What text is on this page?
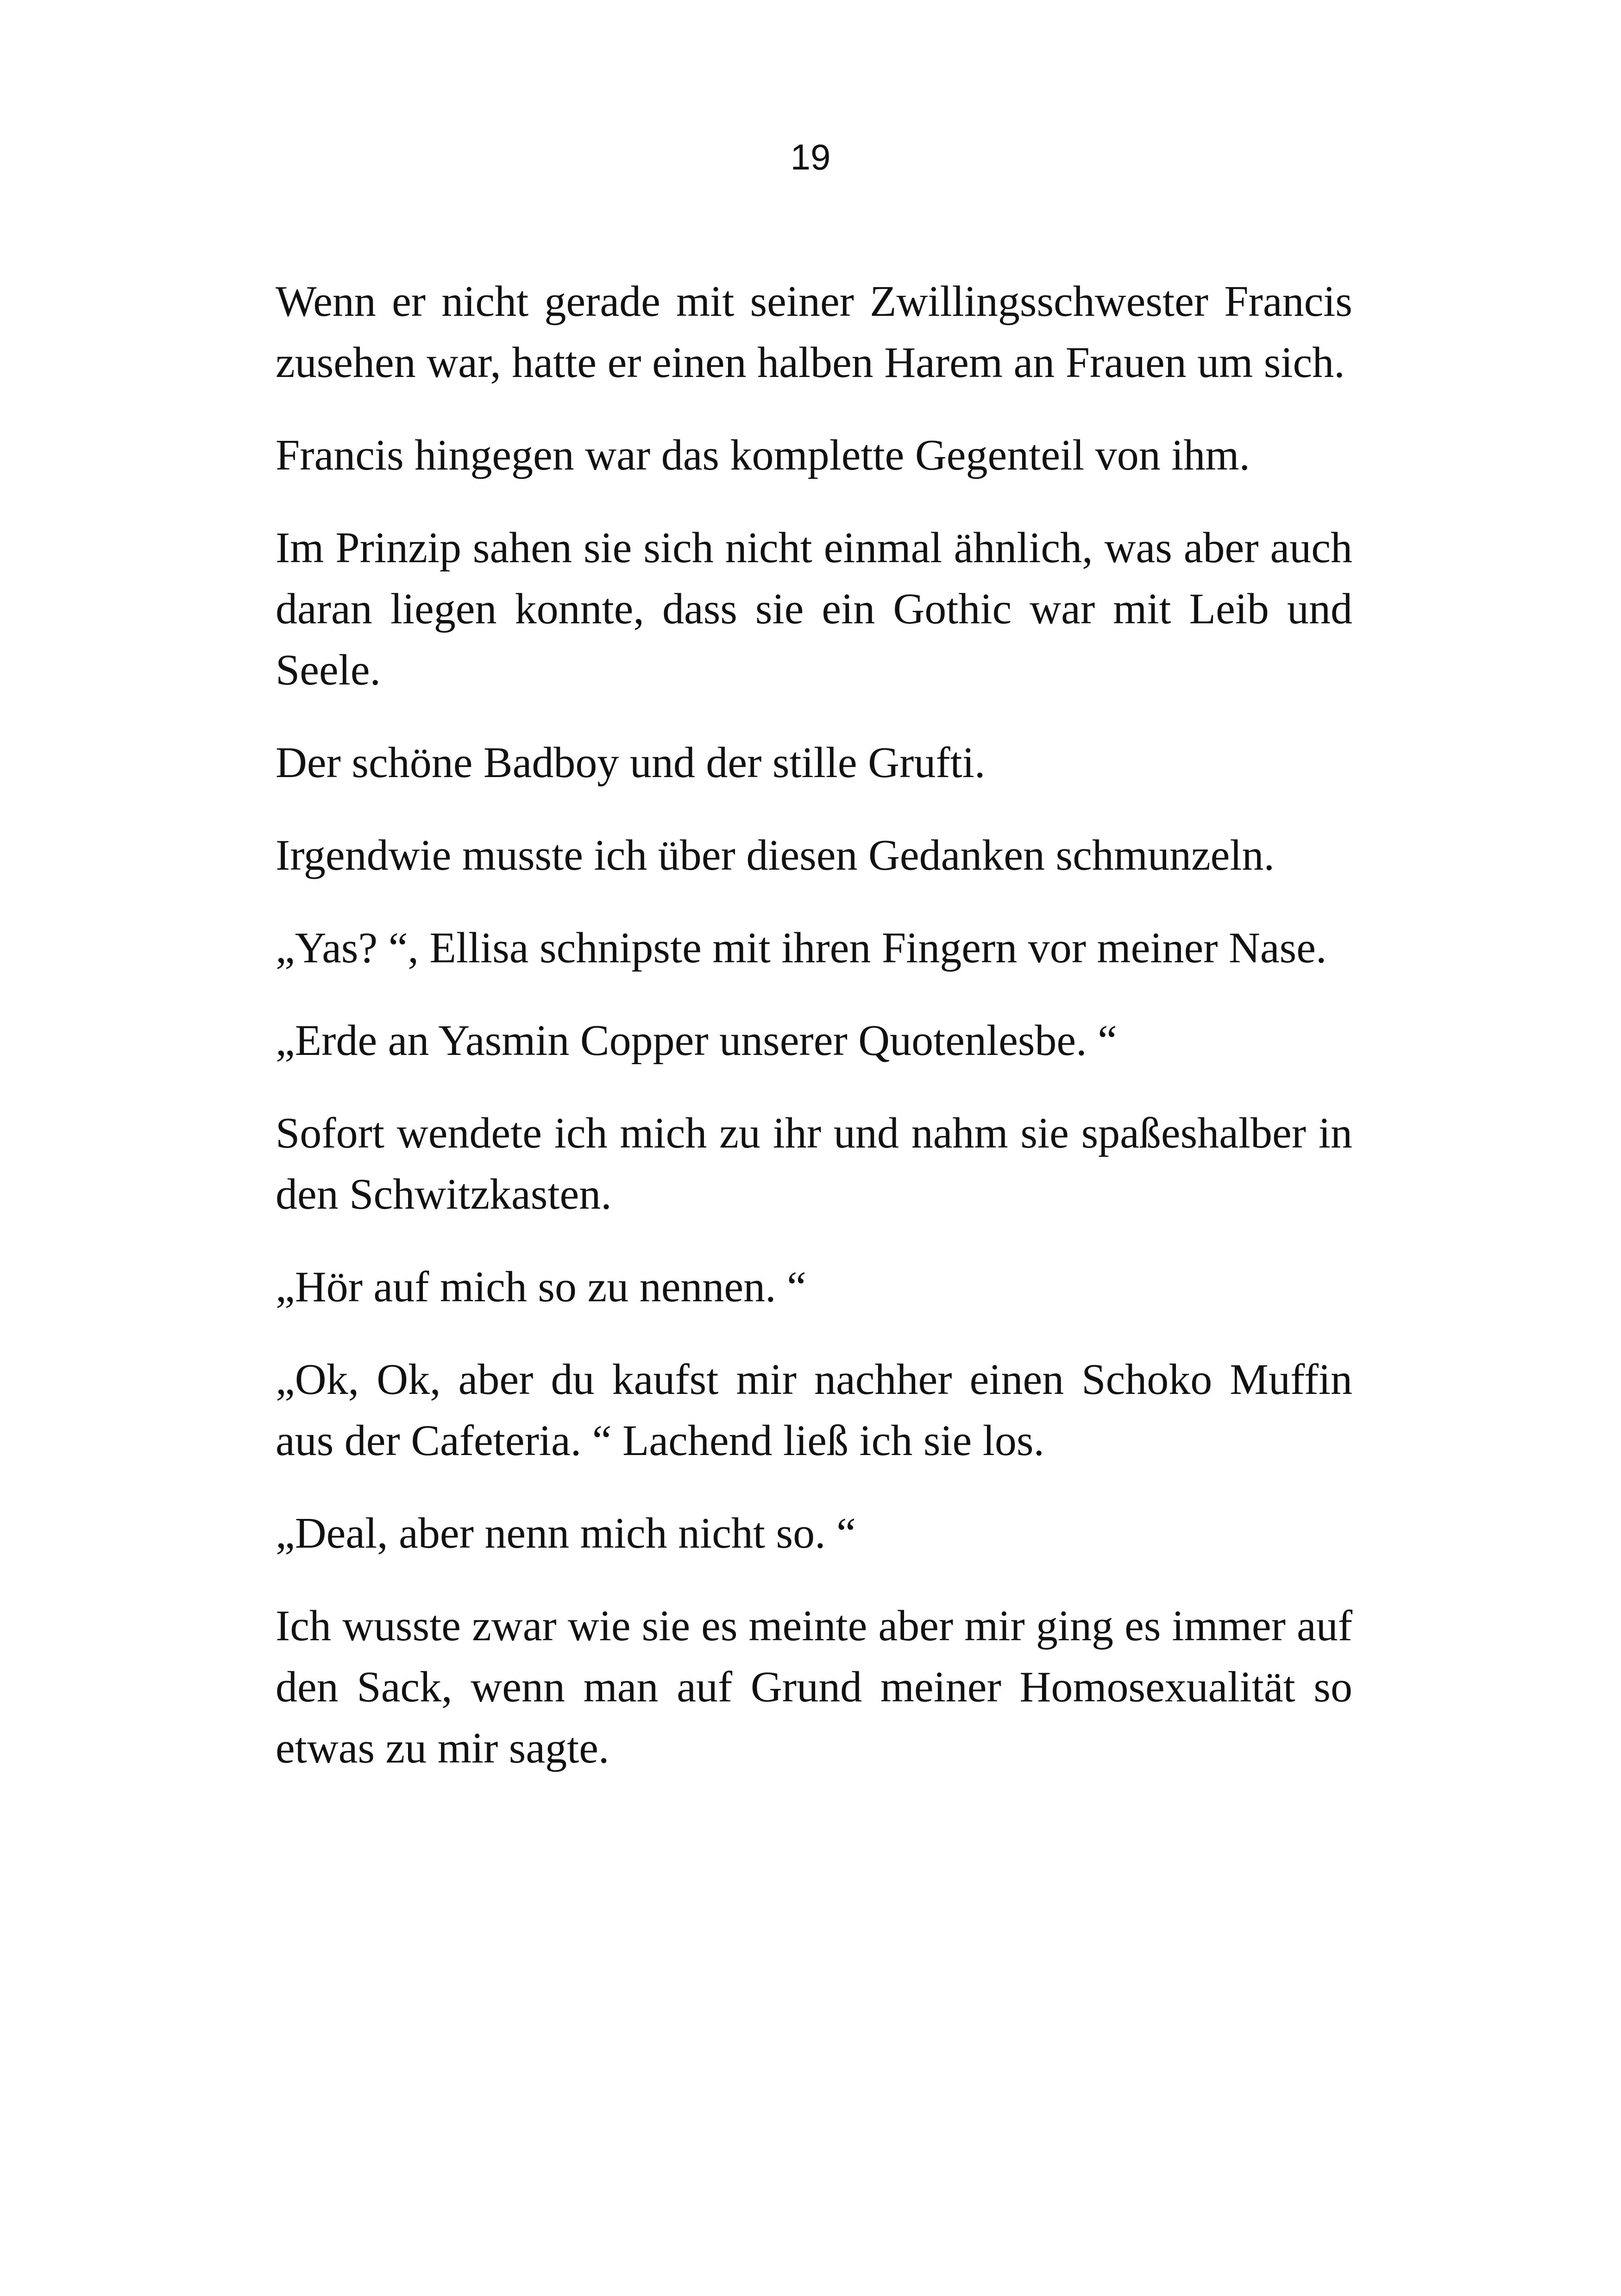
19

Wenn er nicht gerade mit seiner Zwillingsschwester Francis zusehen war, hatte er einen halben Harem an Frauen um sich.

Francis hingegen war das komplette Gegenteil von ihm.

Im Prinzip sahen sie sich nicht einmal ähnlich, was aber auch daran liegen konnte, dass sie ein Gothic war mit Leib und Seele.

Der schöne Badboy und der stille Grufti.

Irgendwie musste ich über diesen Gedanken schmunzeln.

„Yas? “, Ellisa schnipste mit ihren Fingern vor meiner Nase.

„Erde an Yasmin Copper unserer Quotenlesbe. “

Sofort wendete ich mich zu ihr und nahm sie spaßeshalber in den Schwitzkasten.

„Hör auf mich so zu nennen. “

„Ok, Ok, aber du kaufst mir nachher einen Schoko Muffin aus der Cafeteria. “ Lachend ließ ich sie los.

„Deal, aber nenn mich nicht so. “

Ich wusste zwar wie sie es meinte aber mir ging es immer auf den Sack, wenn man auf Grund meiner Homosexualität so etwas zu mir sagte.
